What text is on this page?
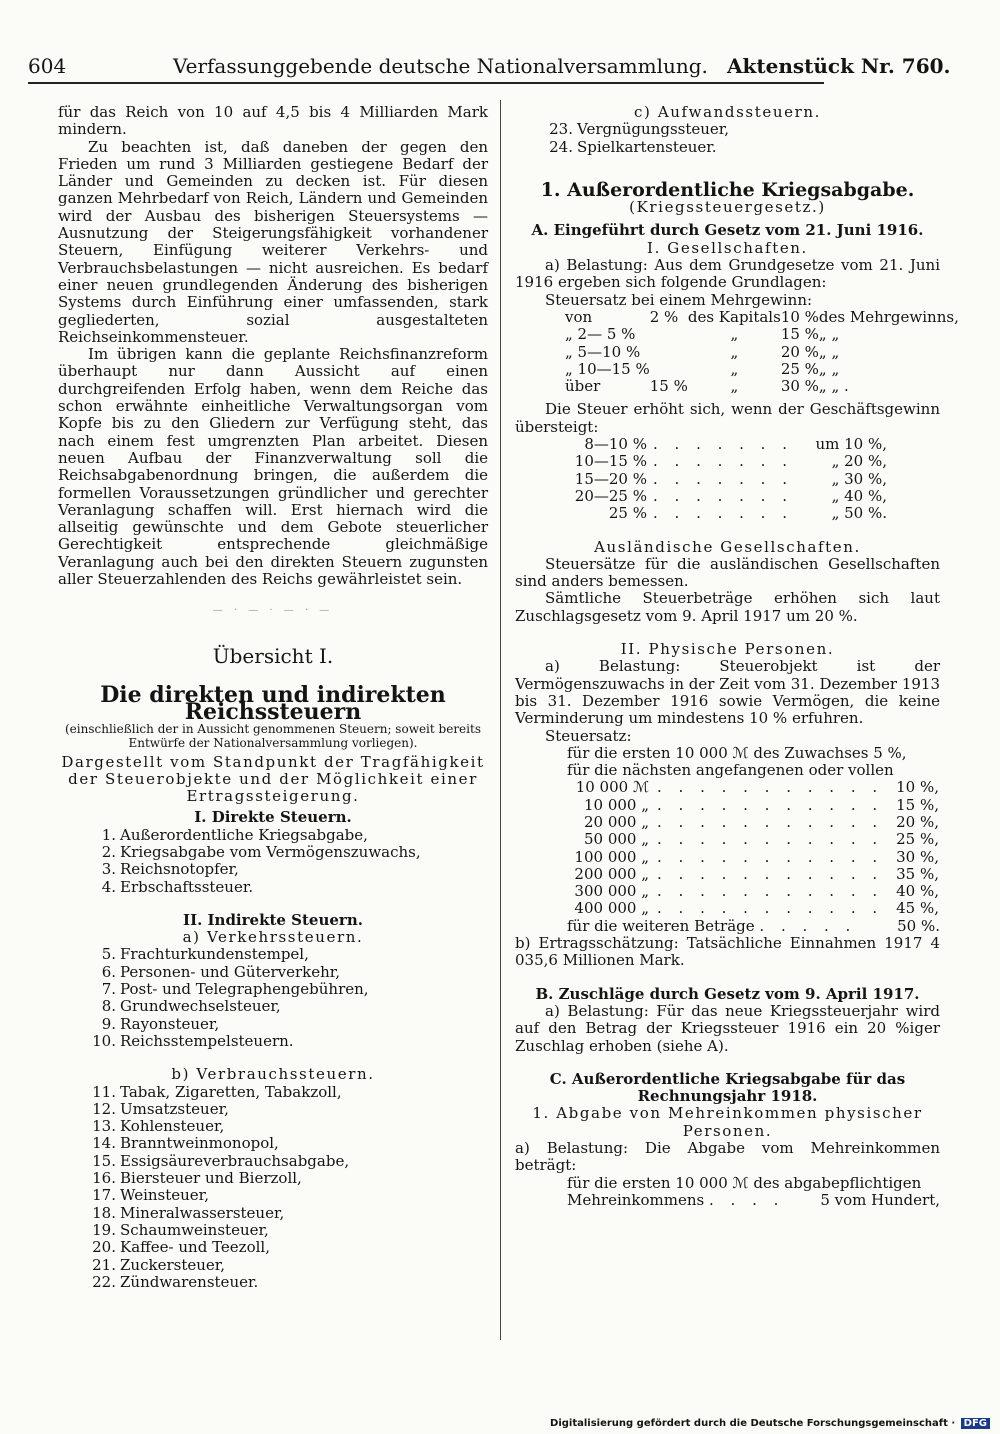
604	Verfassunggebende deutsche Nationalversammlung. Aktenstück Nr. 760.

für das Reich von 10 auf 4,5 bis 4 Milliarden Mark mindern.

Zu beachten ist, daß daneben der gegen den Frieden um rund 3 Milliarden gestiegene Bedarf der Länder und Gemeinden zu decken ist. Für diesen ganzen Mehrbedarf von Reich, Ländern und Gemeinden wird der Ausbau des bisherigen Steuersystems — Ausnutzung der Steigerungsfähigkeit vorhandener Steuern, Einfügung weiterer Verkehrs- und Verbrauchsbelastungen — nicht ausreichen. Es bedarf einer neuen grundlegenden Änderung des bisherigen Systems durch Einführung einer umfassenden, stark gegliederten, sozial ausgestalteten Reichseinkommensteuer.

Im übrigen kann die geplante Reichsfinanzreform überhaupt nur dann Aussicht auf einen durchgreifenden Erfolg haben, wenn dem Reiche das schon erwähnte einheitliche Verwaltungsorgan vom Kopfe bis zu den Gliedern zur Verfügung steht, das nach einem fest umgrenzten Plan arbeitet. Diesen neuen Aufbau der Finanzverwaltung soll die Reichsabgabenordnung bringen, die außerdem die formellen Voraussetzungen gründlicher und gerechter Veranlagung schaffen will. Erst hiernach wird die allseitig gewünschte und dem Gebote steuerlicher Gerechtigkeit entsprechende gleichmäßige Veranlagung auch bei den direkten Steuern zugunsten aller Steuerzahlenden des Reichs gewährleistet sein.

— · — · — · —
Übersicht I.
Die direkten und indirekten Reichssteuern
(einschließlich der in Aussicht genommenen Steuern; soweit bereits Entwürfe der Nationalversammlung vorliegen).

Dargestellt vom Standpunkt der Tragfähigkeit der Steuerobjekte und der Möglichkeit einer Ertragssteigerung.

I. Direkte Steuern.
1. Außerordentliche Kriegsabgabe,
2. Kriegsabgabe vom Vermögenszuwachs,
3. Reichsnotopfer,
4. Erbschaftssteuer.
II. Indirekte Steuern.
a) Verkehrssteuern.
5. Frachturkundenstempel,
6. Personen- und Güterverkehr,
7. Post- und Telegraphengebühren,
8. Grundwechselsteuer,
9. Rayonsteuer,
10. Reichsstempelsteuern.
b) Verbrauchssteuern.
11. Tabak, Zigaretten, Tabakzoll,
12. Umsatzsteuer,
13. Kohlensteuer,
14. Branntweinmonopol,
15. Essigsäureverbrauchsabgabe,
16. Biersteuer und Bierzoll,
17. Weinsteuer,
18. Mineralwassersteuer,
19. Schaumweinsteuer,
20. Kaffee- und Teezoll,
21. Zuckersteuer,
22. Zündwarensteuer.
c) Aufwandssteuern.
23. Vergnügungssteuer,
24. Spielkartensteuer.
1. Außerordentliche Kriegsabgabe.
(Kriegssteuergesetz.)
A. Eingeführt durch Gesetz vom 21. Juni 1916.
I. Gesellschaften.

a) Belastung: Aus dem Grundgesetze vom 21. Juni 1916 ergeben sich folgende Grundlagen:

Steuersatz bei einem Mehrgewinn:

von	2 %	des Kapitals	10 %	des Mehrgewinns,
„ 2— 5 %		„	15 %	„ „
„ 5—10 %		„	20 %	„ „
„ 10—15 %		„	25 %	„ „
über	15 %	„	30 %	„ „ .

Die Steuer erhöht sich, wenn der Geschäftsgewinn übersteigt:

8—10 %	. . . . . . .	um 10 %,
10—15 %	. . . . . . .	„ 20 %,
15—20 %	. . . . . . .	„ 30 %,
20—25 %	. . . . . . .	„ 40 %,
25 %	. . . . . . .	„ 50 %.
Ausländische Gesellschaften.

Steuersätze für die ausländischen Gesellschaften sind anders bemessen.

Sämtliche Steuerbeträge erhöhen sich laut Zuschlagsgesetz vom 9. April 1917 um 20 %.

II. Physische Personen.

a) Belastung: Steuerobjekt ist der Vermögenszuwachs in der Zeit vom 31. Dezember 1913 bis 31. Dezember 1916 sowie Vermögen, die keine Verminderung um mindestens 10 % erfuhren.

Steuersatz:

für die ersten 10 000 ℳ des Zuwachses 5 %,

für die nächsten angefangenen oder vollen

10 000 ℳ	. . . . . . . . . . .	10 %,
10 000 „	. . . . . . . . . . .	15 %,
20 000 „	. . . . . . . . . . .	20 %,
50 000 „	. . . . . . . . . . .	25 %,
100 000 „	. . . . . . . . . . .	30 %,
200 000 „	. . . . . . . . . . .	35 %,
300 000 „	. . . . . . . . . . .	40 %,
400 000 „	. . . . . . . . . . .	45 %,
für die weiteren Beträge . . . . .	50 %.

b) Ertragsschätzung: Tatsächliche Einnahmen 1917 4 035,6 Millionen Mark.

B. Zuschläge durch Gesetz vom 9. April 1917.

a) Belastung: Für das neue Kriegssteuerjahr wird auf den Betrag der Kriegssteuer 1916 ein 20 %iger Zuschlag erhoben (siehe A).

C. Außerordentliche Kriegsabgabe für das Rechnungsjahr 1918.
1. Abgabe von Mehreinkommen physischer Personen.

a) Belastung: Die Abgabe vom Mehreinkommen beträgt:

für die ersten 10 000 ℳ des abgabepflichtigen

Mehreinkommens . . . . 5 vom Hundert,
Digitalisierung gefördert durch die Deutsche Forschungsgemeinschaft · DFG
